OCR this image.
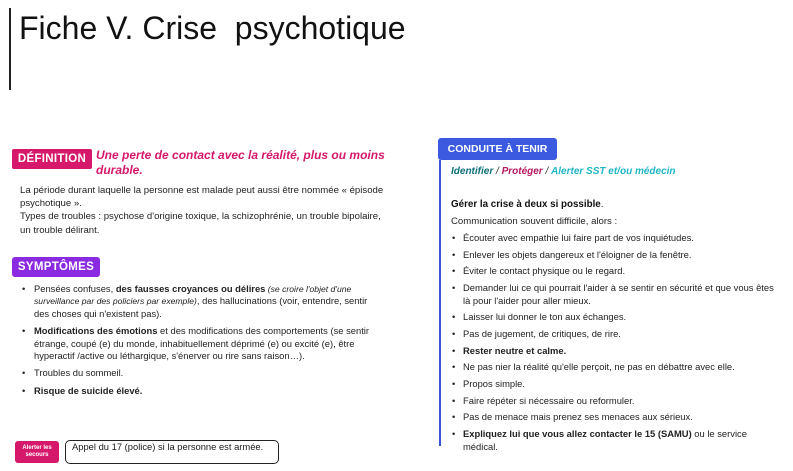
Fiche V. Crise  psychotique
DÉFINITION Une perte de contact avec la réalité, plus ou moins durable.

La période durant laquelle la personne est malade peut aussi être nommée « épisode psychotique ».

Types de troubles : psychose d'origine toxique, la schizophrénie, un trouble bipolaire, un trouble délirant.

SYMPTÔMES
• Pensées confuses, des fausses croyances ou délires (se croire l'objet d'une surveillance par des policiers par exemple), des hallucinations (voir, entendre, sentir des choses qui n'existent pas).
• Modifications des émotions et des modifications des comportements (se sentir étrange, coupé (e) du monde, inhabituellement déprimé (e) ou excité (e), être hyperactif /active ou léthargique, s'énerver ou rire sans raison…).
• Troubles du sommeil.
• Risque de suicide élevé.
Alerter les secours
Appel du 17 (police) si la personne est armée.
CONDUITE À TENIR
Identifier / Protéger / Alerter SST et/ou médecin
Gérer la crise à deux si possible.
Communication souvent difficile, alors :
• Écouter avec empathie lui faire part de vos inquiétudes.
• Enlever les objets dangereux et l'éloigner de la fenêtre.
• Éviter le contact physique ou le regard.
• Demander lui ce qui pourrait l'aider à se sentir en sécurité et que vous êtes là pour l'aider pour aller mieux.
• Laisser lui donner le ton aux échanges.
• Pas de jugement, de critiques, de rire.
• Rester neutre et calme.
• Ne pas nier la réalité qu'elle perçoit, ne pas en débattre avec elle.
• Propos simple.
• Faire répéter si nécessaire ou reformuler.
• Pas de menace mais prenez ses menaces aux sérieux.
• Expliquez lui que vous allez contacter le 15 (SAMU) ou le service médical.
